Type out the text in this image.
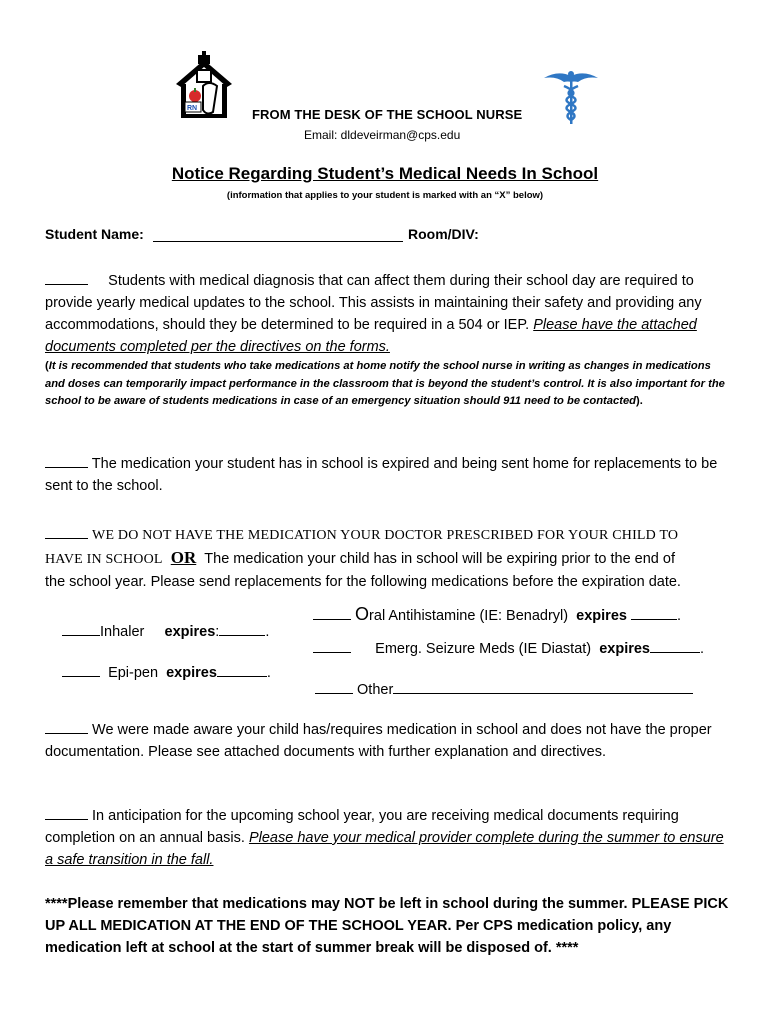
RN	FROM THE DESK OF THE SCHOOL NURSE
Email: dldeveirman@cps.edu
Notice Regarding Student’s Medical Needs In School
(information that applies to your student is marked with an “X” below)
Student Name:	Room/DIV:
Students with medical diagnosis that can affect them during their school day are required to provide yearly medical updates to the school. This assists in maintaining their safety and providing any accommodations, should they be determined to be required in a 504 or IEP. Please have the attached documents completed per the directives on the forms.
(It is recommended that students who take medications at home notify the school nurse in writing as changes in medications and doses can temporarily impact performance in the classroom that is beyond the student’s control. It is also important for the school to be aware of students medications in case of an emergency situation should 911 need to be contacted).
The medication your student has in school is expired and being sent home for replacements to be sent to the school.
WE DO NOT HAVE THE MEDICATION YOUR DOCTOR PRESCRIBED FOR YOUR CHILD TO
HAVE IN SCHOOL OR The medication your child has in school will be expiring prior to the end of
the school year. Please send replacements for the following medications before the expiration date.
Oral Antihistamine (IE: Benadryl) expires	.
Inhaler expires:	.
Emerg. Seizure Meds (IE Diastat) expires	.
Epi-pen expires	.
Other
We were made aware your child has/requires medication in school and does not have the proper documentation. Please see attached documents with further explanation and directives.
In anticipation for the upcoming school year, you are receiving medical documents requiring completion on an annual basis. Please have your medical provider complete during the summer to ensure a safe transition in the fall.
****Please remember that medications may NOT be left in school during the summer. PLEASE PICK UP ALL MEDICATION AT THE END OF THE SCHOOL YEAR. Per CPS medication policy, any medication left at school at the start of summer break will be disposed of. ****
